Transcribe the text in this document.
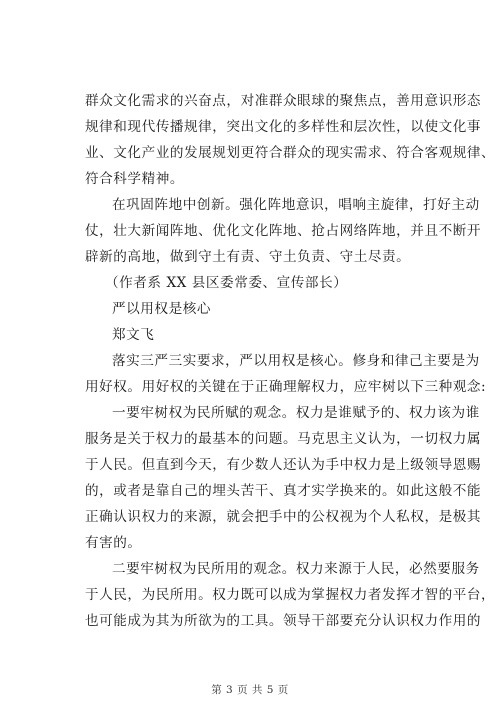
群众文化需求的兴奋点，对准群众眼球的聚焦点，善用意识形态
规律和现代传播规律，突出文化的多样性和层次性，以使文化事
业、文化产业的发展规划更符合群众的现实需求、符合客观规律、
符合科学精神。

在巩固阵地中创新。强化阵地意识，唱响主旋律，打好主动
仗，壮大新闻阵地、优化文化阵地、抢占网络阵地，并且不断开
辟新的高地，做到守土有责、守土负责、守土尽责。

（作者系 XX 县区委常委、宣传部长）

严以用权是核心

郑文飞

落实三严三实要求，严以用权是核心。修身和律己主要是为
用好权。用好权的关键在于正确理解权力，应牢树以下三种观念:

一要牢树权为民所赋的观念。权力是谁赋予的、权力该为谁
服务是关于权力的最基本的问题。马克思主义认为，一切权力属
于人民。但直到今天，有少数人还认为手中权力是上级领导恩赐
的，或者是靠自己的埋头苦干、真才实学换来的。如此这般不能
正确认识权力的来源，就会把手中的公权视为个人私权，是极其
有害的。

二要牢树权为民所用的观念。权力来源于人民，必然要服务
于人民，为民所用。权力既可以成为掌握权力者发挥才智的平台，
也可能成为其为所欲为的工具。领导干部要充分认识权力作用的

第 3 页 共 5 页
